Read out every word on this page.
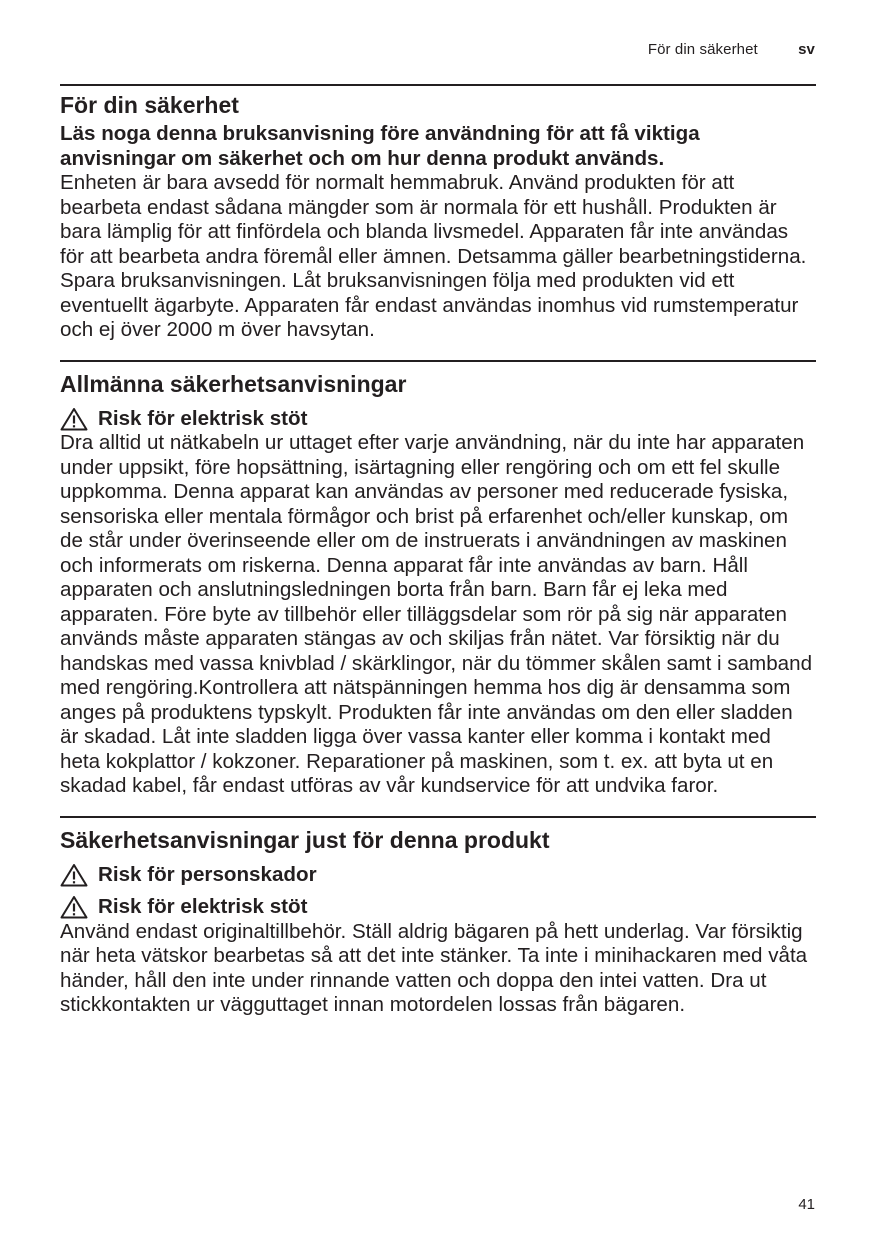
För din säkerhet	sv
För din säkerhet

Läs noga denna bruksanvisning före användning för att få viktiga anvisningar om säkerhet och om hur denna produkt används.

Enheten är bara avsedd för normalt hemmabruk. Använd produkten för att bearbeta endast sådana mängder som är normala för ett hushåll. Produkten är bara lämplig för att finfördela och blanda livsmedel. Apparaten får inte användas för att bearbeta andra föremål eller ämnen. Detsamma gäller bearbetningstiderna. Spara bruksanvisningen. Låt bruksanvisningen följa med produkten vid ett eventuellt ägarbyte. Apparaten får endast användas inomhus vid rumstemperatur och ej över 2000 m över havsytan.

Allmänna säkerhetsanvisningar
Risk för elektrisk stöt

Dra alltid ut nätkabeln ur uttaget efter varje användning, när du inte har apparaten under uppsikt, före hopsättning, isärtagning eller rengöring och om ett fel skulle uppkomma. Denna apparat kan användas av personer med reducerade fysiska, sensoriska eller mentala förmågor och brist på erfarenhet och/eller kunskap, om de står under överinseende eller om de instruerats i användningen av maskinen och informerats om riskerna. Denna apparat får inte användas av barn. Håll apparaten och anslutningsledningen borta från barn. Barn får ej leka med apparaten. Före byte av tillbehör eller tilläggsdelar som rör på sig när apparaten används måste apparaten stängas av och skiljas från nätet. Var försiktig när du handskas med vassa knivblad / skärklingor, när du tömmer skålen samt i samband med rengöring.Kontrollera att nätspänningen hemma hos dig är densamma som anges på produktens typskylt. Produkten får inte användas om den eller sladden är skadad. Låt inte sladden ligga över vassa kanter eller komma i kontakt med heta kokplattor / kokzoner. Reparationer på maskinen, som t. ex. att byta ut en skadad kabel, får endast utföras av vår kundservice för att undvika faror.

Säkerhetsanvisningar just för denna produkt
Risk för personskador
Risk för elektrisk stöt

Använd endast originaltillbehör. Ställ aldrig bägaren på hett underlag. Var försiktig när heta vätskor bearbetas så att det inte stänker. Ta inte i minihackaren med våta händer, håll den inte under rinnande vatten och doppa den intei vatten. Dra ut stickkontakten ur vägguttaget innan motordelen lossas från bägaren.

41
